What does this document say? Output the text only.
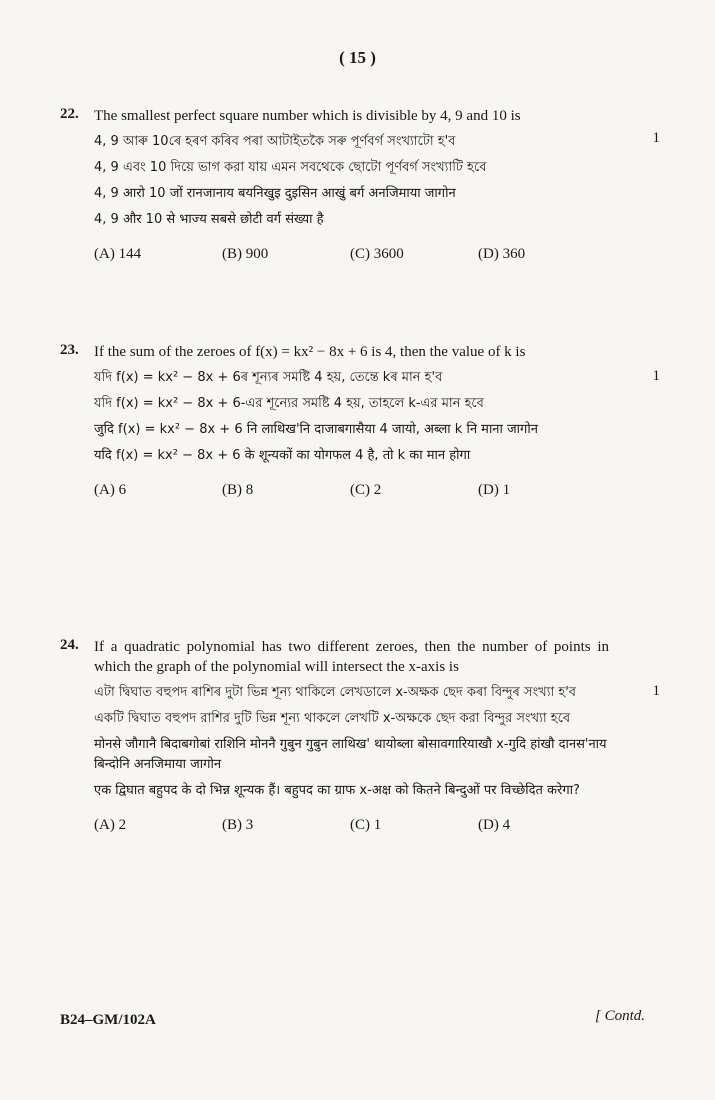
( 15 )
22.
1
The smallest perfect square number which is divisible by 4, 9 and 10 is
4, 9 আৰু 10ৰে হৰণ কৰিব পৰা আটাইতকৈ সৰু পূৰ্ণবৰ্গ সংখ্যাটো হ'ব
4, 9 এবং 10 দিয়ে ভাগ করা যায় এমন সবথেকে ছোটো পূর্ণবর্গ সংখ্যাটি হবে
4, 9 आरो 10 जों रानजानाय बयनिखुइ दुइसिन आखुं बर्ग अनजिमाया जागोन
4, 9 और 10 से भाज्य सबसे छोटी वर्ग संख्या है
(A) 144	(B) 900	(C) 3600	(D) 360
23.
1
If the sum of the zeroes of f(x) = kx² − 8x + 6 is 4, then the value of k is
যদি f(x) = kx² − 8x + 6ৰ শূন্যৰ সমষ্টি 4 হয়, তেন্তে kৰ মান হ'ব
যদি f(x) = kx² − 8x + 6-এর শূন্যের সমষ্টি 4 হয়, তাহলে k-এর মান হবে
जुदि f(x) = kx² − 8x + 6 नि लाथिख'नि दाजाबगासैया 4 जायो, अब्ला k नि माना जागोन
यदि f(x) = kx² − 8x + 6 के शून्यकों का योगफल 4 है, तो k का मान होगा
(A) 6	(B) 8	(C) 2	(D) 1
24.
1
If a quadratic polynomial has two different zeroes, then the number of points in which the graph of the polynomial will intersect the x-axis is
এটা দ্বিঘাত বহুপদ ৰাশিৰ দুটা ভিন্ন শূন্য থাকিলে লেখডালে x-অক্ষক ছেদ কৰা বিন্দুৰ সংখ্যা হ'ব
একটি দ্বিঘাত বহুপদ রাশির দুটি ভিন্ন শূন্য থাকলে লেখটি x-অক্ষকে ছেদ করা বিন্দুর সংখ্যা হবে
मोनसे जौगानै बिदाबगोबां राशिनि मोननै गुबुन गुबुन लाथिख' थायोब्ला बोसावगारियाखौ x-गुदि हांखौ दानस'नाय बिन्दोनि अनजिमाया जागोन
एक द्विघात बहुपद के दो भिन्न शून्यक हैं। बहुपद का ग्राफ x-अक्ष को कितने बिन्दुओं पर विच्छेदित करेगा?
(A) 2	(B) 3	(C) 1	(D) 4
B24–GM/102A	[ Contd.
